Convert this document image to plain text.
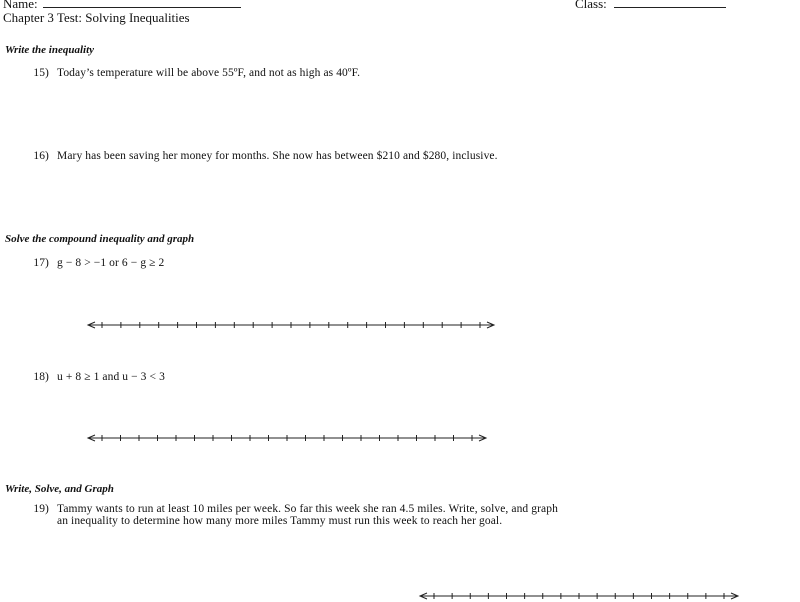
Name:	Class:
Chapter 3 Test: Solving Inequalities
Write the inequality
15) Today’s temperature will be above 55ºF, and not as high as 40ºF.
16) Mary has been saving her money for months. She now has between $210 and $280, inclusive.
Solve the compound inequality and graph
17) g − 8 > −1 or 6 − g ≥ 2
18) u + 8 ≥ 1 and u − 3 < 3
Write, Solve, and Graph
19) Tammy wants to run at least 10 miles per week. So far this week she ran 4.5 miles. Write, solve, and graph
an inequality to determine how many more miles Tammy must run this week to reach her goal.
